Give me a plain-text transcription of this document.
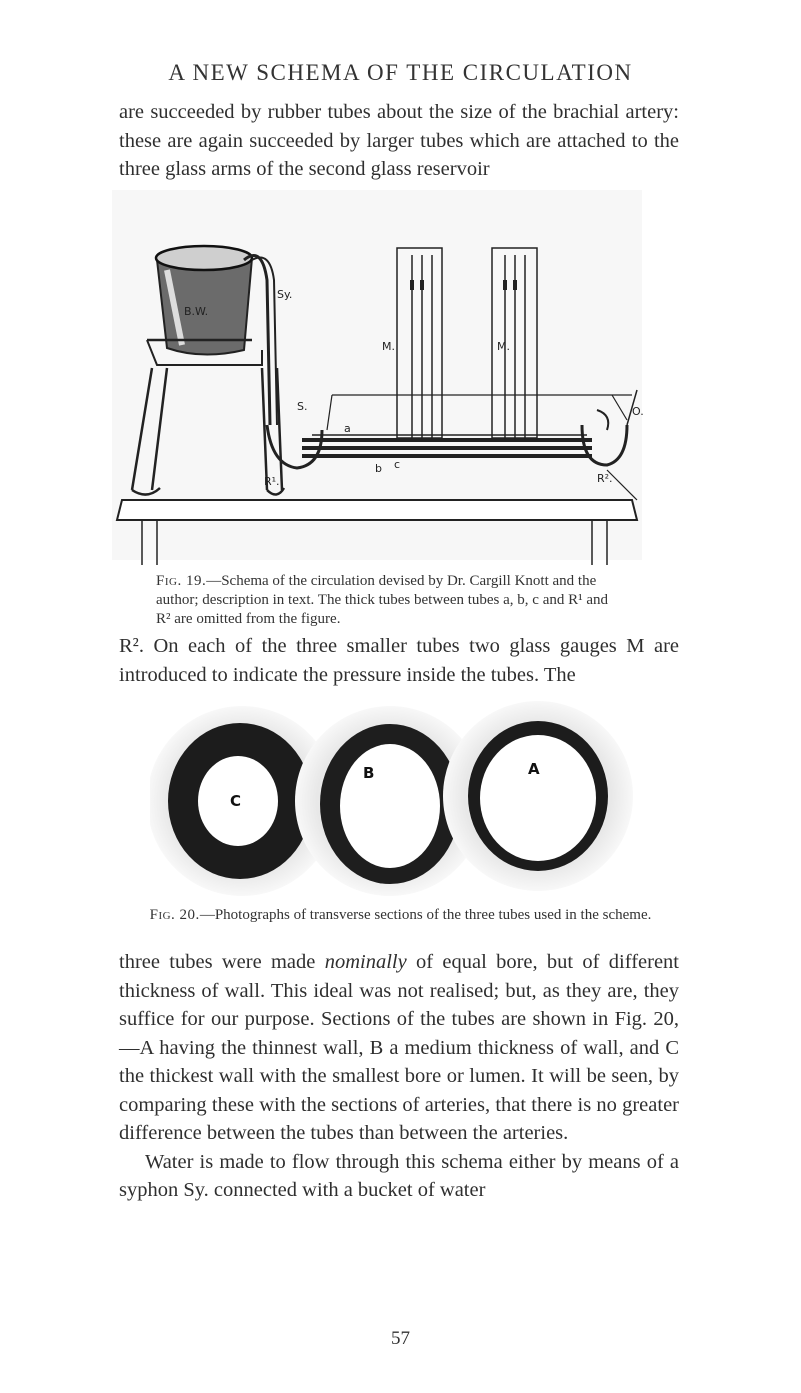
A NEW SCHEMA OF THE CIRCULATION

are succeeded by rubber tubes about the size of the brachial artery: these are again succeeded by larger tubes which are attached to the three glass arms of the second glass reservoir

B.W.
Sy.
M.	M.
S.
a
b c
R¹.	R².
O.
Fig. 19.—Schema of the circulation devised by Dr. Cargill Knott and the author; description in text. The thick tubes between tubes a, b, c and R¹ and R² are omitted from the figure.

R². On each of the three smaller tubes two glass gauges M are introduced to indicate the pressure inside the tubes. The

C
B	A
Fig. 20.—Photographs of transverse sections of the three tubes used in the scheme.

three tubes were made nominally of equal bore, but of different thickness of wall. This ideal was not realised; but, as they are, they suffice for our purpose. Sections of the tubes are shown in Fig. 20,—A having the thinnest wall, B a medium thickness of wall, and C the thickest wall with the smallest bore or lumen. It will be seen, by comparing these with the sections of arteries, that there is no greater difference between the tubes than between the arteries.

Water is made to flow through this schema either by means of a syphon Sy. connected with a bucket of water

57
